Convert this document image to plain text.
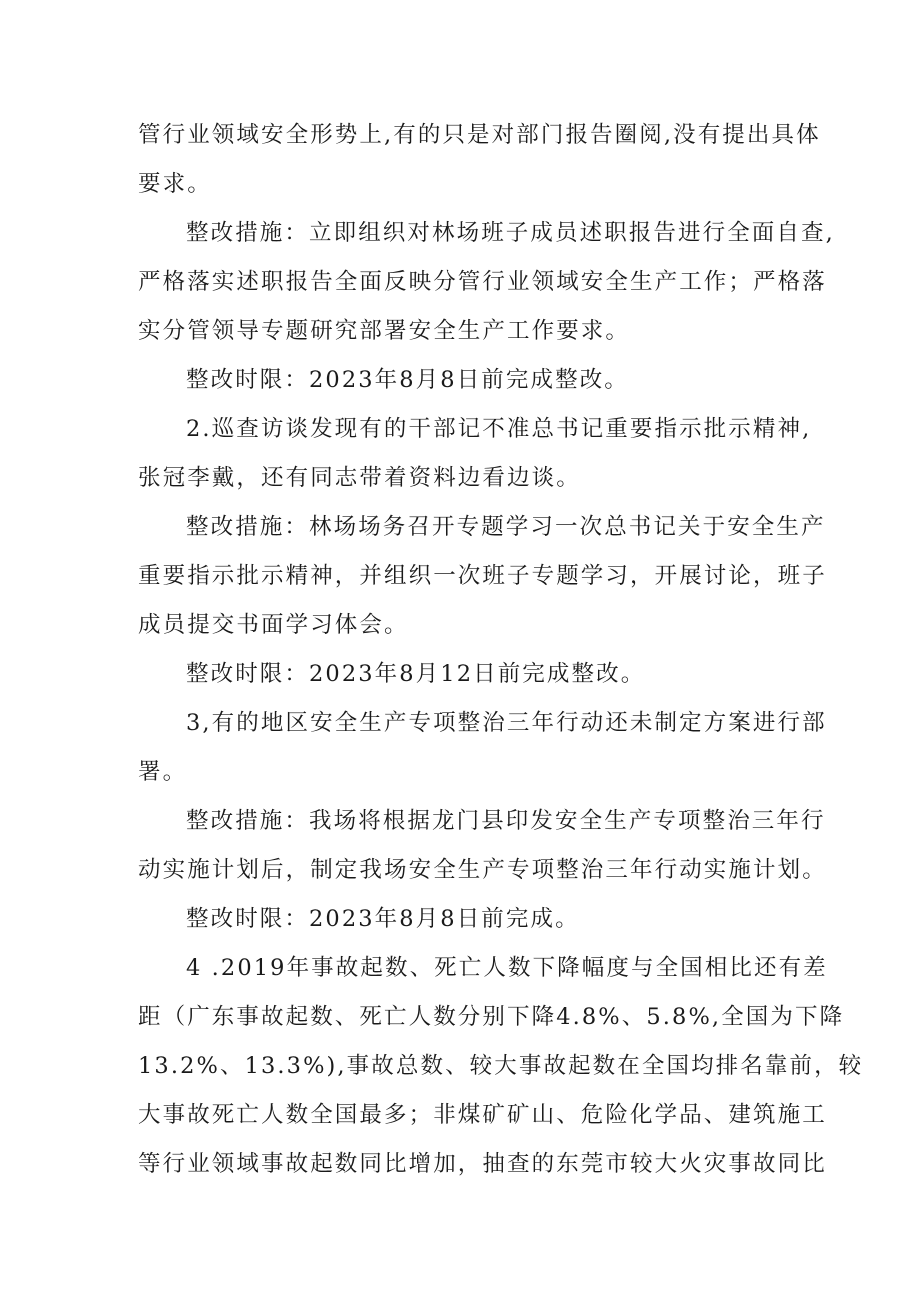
管行业领域安全形势上,有的只是对部门报告圈阅,没有提出具体
要求。
整改措施：立即组织对林场班子成员述职报告进行全面自查,
严格落实述职报告全面反映分管行业领域安全生产工作；严格落
实分管领导专题研究部署安全生产工作要求。
整改时限：2023年8月8日前完成整改。
2.巡查访谈发现有的干部记不准总书记重要指示批示精神,
张冠李戴，还有同志带着资料边看边谈。
整改措施：林场场务召开专题学习一次总书记关于安全生产
重要指示批示精神，并组织一次班子专题学习，开展讨论，班子
成员提交书面学习体会。
整改时限：2023年8月12日前完成整改。
3,有的地区安全生产专项整治三年行动还未制定方案进行部
署。
整改措施：我场将根据龙门县印发安全生产专项整治三年行
动实施计划后，制定我场安全生产专项整治三年行动实施计划。
整改时限：2023年8月8日前完成。
4 .2019年事故起数、死亡人数下降幅度与全国相比还有差
距（广东事故起数、死亡人数分别下降4.8%、5.8%,全国为下降
13.2%、13.3%),事故总数、较大事故起数在全国均排名靠前，较
大事故死亡人数全国最多；非煤矿矿山、危险化学品、建筑施工
等行业领域事故起数同比增加，抽查的东莞市较大火灾事故同比
